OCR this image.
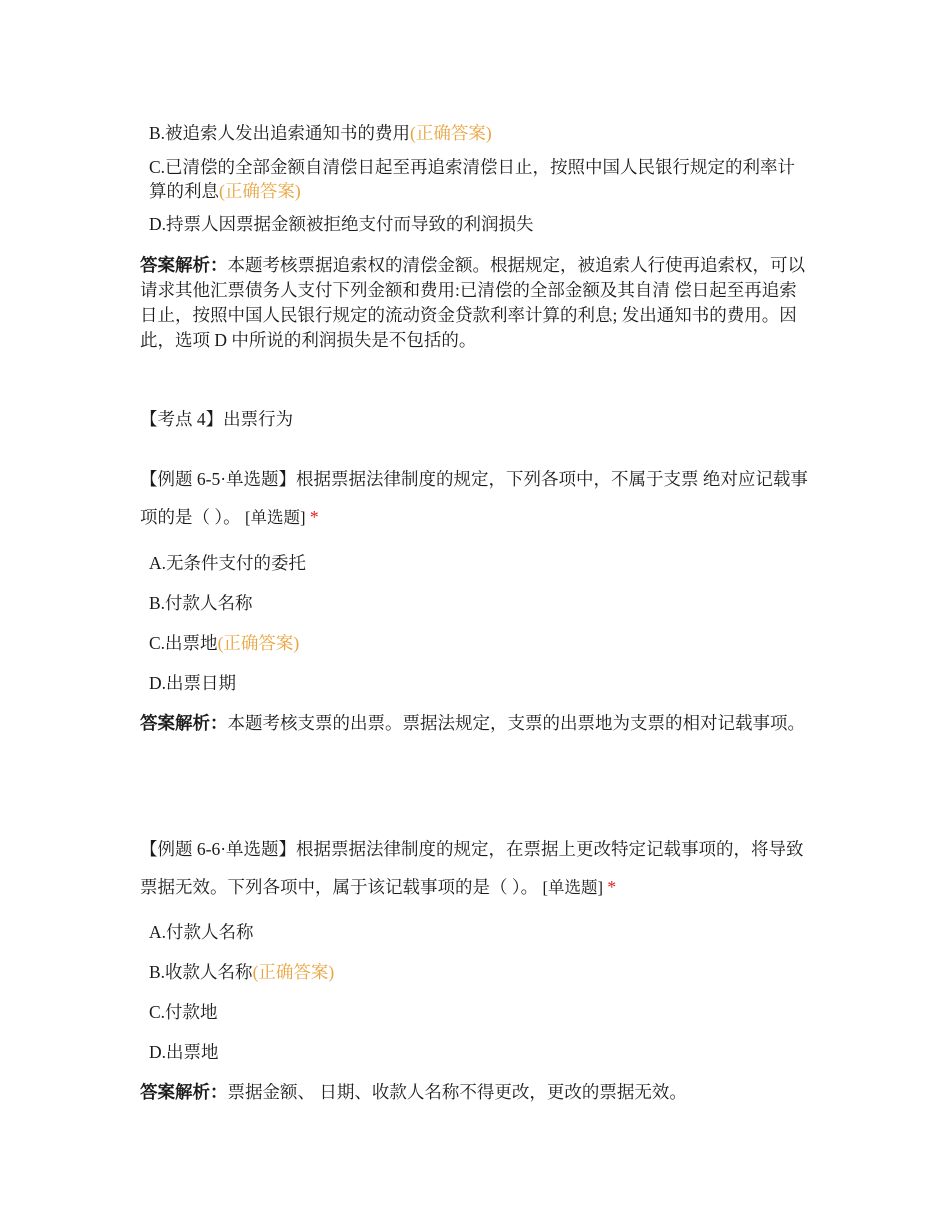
B.被追索人发出追索通知书的费用(正确答案)
C.已清偿的全部金额自清偿日起至再追索清偿日止，按照中国人民银行规定的利率计算的利息(正确答案)
D.持票人因票据金额被拒绝支付而导致的利润损失
答案解析：本题考核票据追索权的清偿金额。根据规定，被追索人行使再追索权，可以请求其他汇票债务人支付下列金额和费用:已清偿的全部金额及其自清 偿日起至再追索日止，按照中国人民银行规定的流动资金贷款利率计算的利息; 发出通知书的费用。因此，选项 D 中所说的利润损失是不包括的。
【考点 4】出票行为
【例题 6-5·单选题】根据票据法律制度的规定，下列各项中，不属于支票 绝对应记载事项的是（ ）。 [单选题] *
A.无条件支付的委托
B.付款人名称
C.出票地(正确答案)
D.出票日期
答案解析：本题考核支票的出票。票据法规定，支票的出票地为支票的相对记载事项。
【例题 6-6·单选题】根据票据法律制度的规定，在票据上更改特定记载事项的，将导致票据无效。下列各项中，属于该记载事项的是（ ）。 [单选题] *
A.付款人名称
B.收款人名称(正确答案)
C.付款地
D.出票地
答案解析：票据金额、 日期、收款人名称不得更改，更改的票据无效。
